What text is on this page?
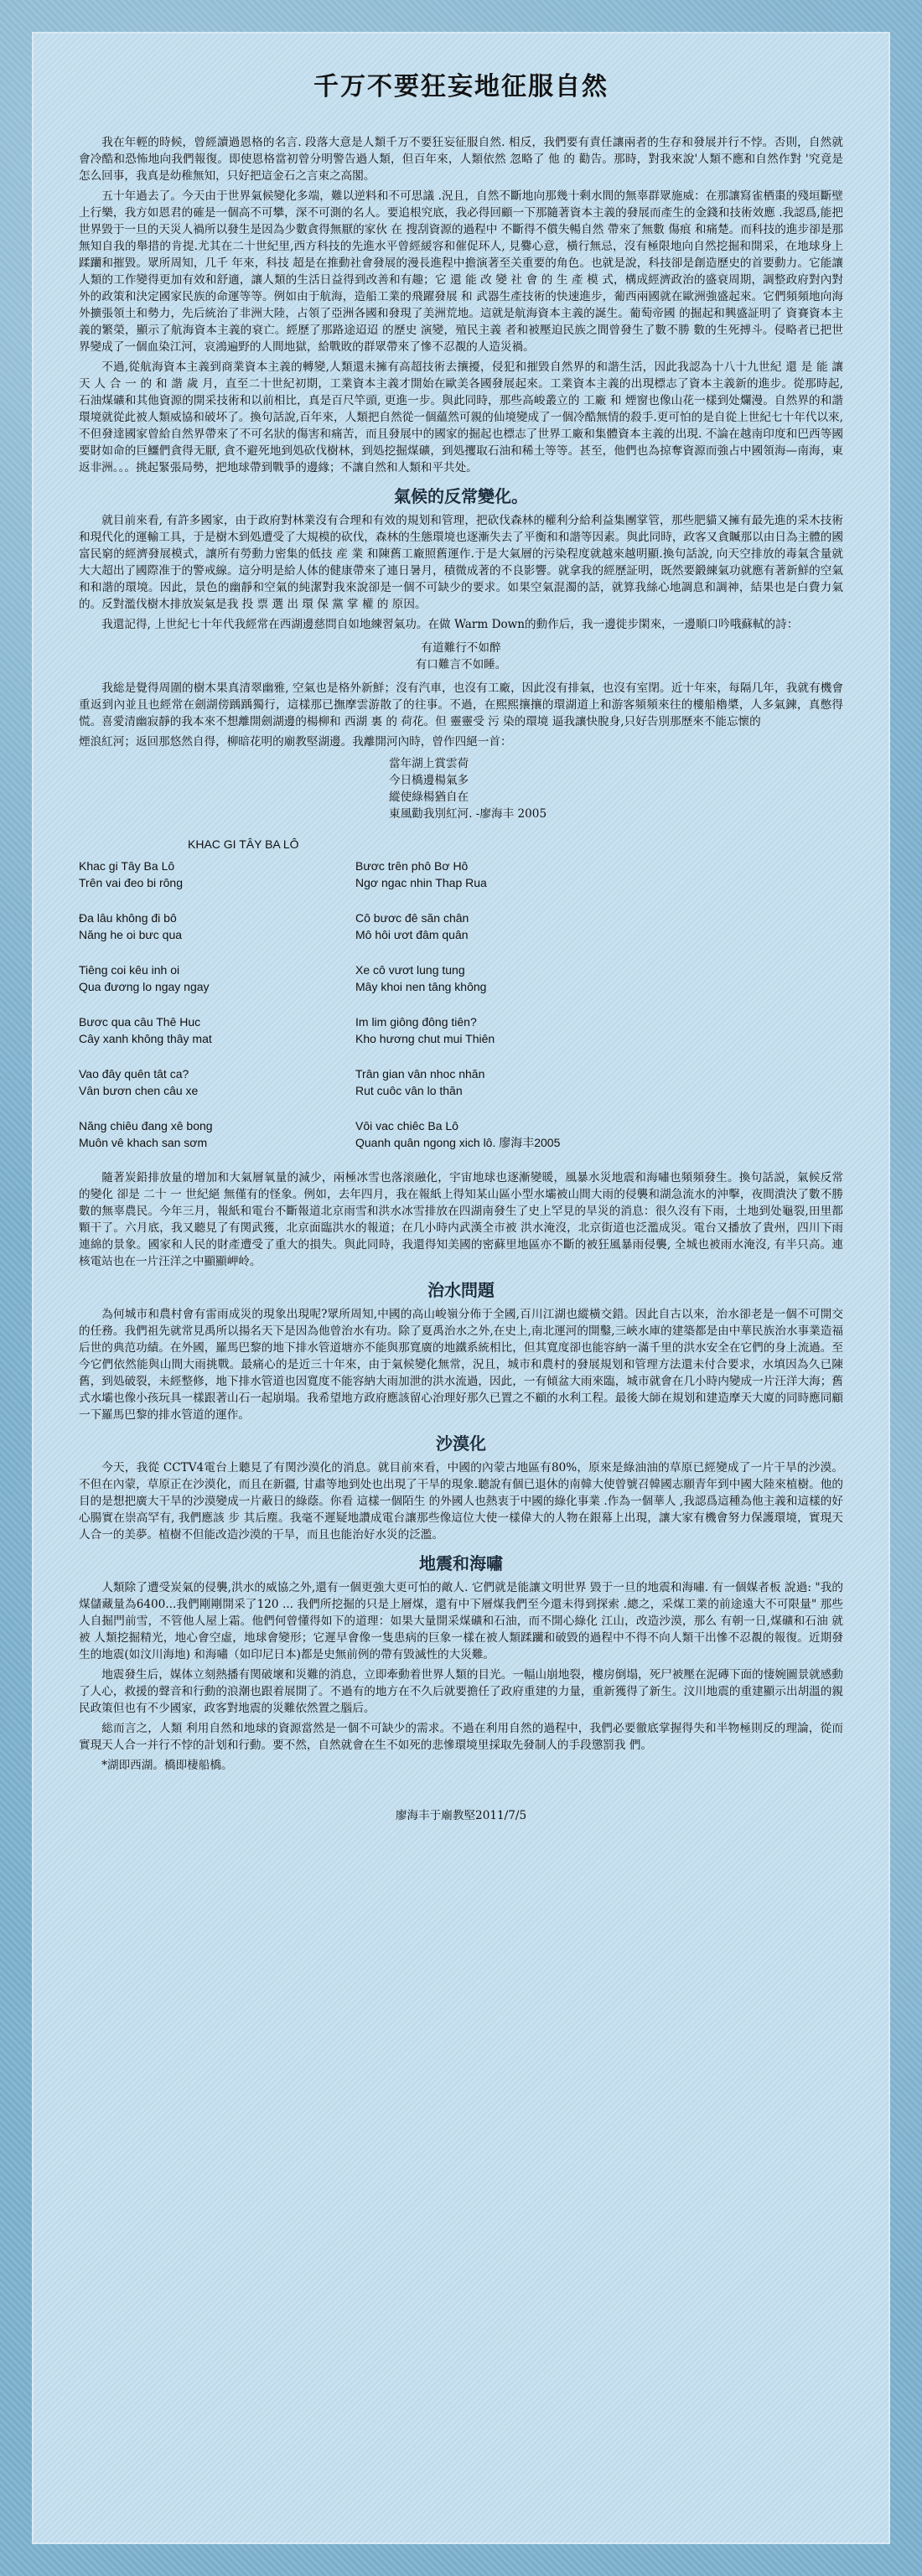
千万不要狂妄地征服自然

我在年輕的時候，曾經讀過恩格的名言. 段落大意是人類千万不要狂妄征服自然. 相反，我們要有責任讓兩者的生存和發展并行不悖。否則，自然就會冷酷和恐怖地向我們報復。即使恩格當初曾分明警告過人類，但百年來，人類依然 忽略了 他 的 勸告。那時，對我來說'人類不應和自然作對 '究竟是怎么回事，我真是幼稚無知，只好把這金石之言束之高閣。

五十年過去了。今天由于世界氣候變化多端，難以逆料和不可思議 .況且，自然不斷地向那幾十剩水間的無辜群眾施威：在那讓寫雀栖棗的殘垣斷壁上行樂，我方如恩君的確是一個高不可攀，深不可測的名人。要追根究底，我必得回顧一下那隨著資本主義的發展而產生的金錢和技術效應 .我認爲,能把世界毀于一旦的天災人禍所以發生是因為少數貪得無厭的家伙 在 搜刮資源的過程中 不斷得不償失暢自然 帶來了無數 傷痕 和痛楚。而科技的進步卻是那無知自我的舉措的肯提.尤其在二十世紀里,西方科技的先進水平曾經緩容和催促环人, 見爨心意，橫行無忌，沒有極限地向自然挖掘和開采，在地球身上蹂躪和摧毀。眾所周知，几千 年來，科技 超是在推動社會發展的漫長進程中擔演著至关重要的角色。也就是說，科技卻是創造歷史的首要動力。它能讓人類的工作變得更加有效和舒適，讓人類的生活日益得到改善和有趣；它 還 能 改 變 社 會 的 生 產 模 式，構成經濟政治的盛衰周期，調整政府對內對外的政策和決定國家民族的命運等等。例如由于航海，造船工業的飛躍發展 和 武器生產技術的快速進步，葡西兩國就在歐洲強盛起來。它們頻頻地向海外擴張領土和勢力，先后統治了非洲大陸，占領了亞洲各國和發現了美洲荒地。這就是航海資本主義的誕生。葡萄帝國 的掘起和興盛証明了 資賽資本主義的繁榮，顯示了航海資本主義的衰亡。經歷了那路途迢迢 的歷史 演變，殖民主義 者和被壓迫民族之間曾發生了數不勝 數的生死搏斗。侵略者已把世界變成了一個血染江河，哀鴻遍野的人間地獄，給戰敗的群眾帶來了慘不忍覩的人造災禍。

不過,從航海資本主義到商業資本主義的轉變,人類還未擁有高超技術去攘擾，侵犯和摧毀自然界的和諧生活，因此我認為十八十九世紀 還 是 能 讓 天 人 合 一 的 和 諧 歲 月，直至二十世紀初期，工業資本主義才開始在歐美各國發展起來。工業資本主義的出現標志了資本主義新的進步。從那時起, 石油煤礦和其他資源的開采技術和以前相比，真是百尺竿頭, 更進一步。與此同時，那些高峻叢立的 工廠 和 煙窗也像山花一樣到处爛漫。自然界的和諧環境就從此被人類威協和破坏了。換句話說,百年來，人類把自然從一個蘊然可親的仙境變成了一個冷酷無情的殺手.更可怕的是自從上世紀七十年代以來,不但發達國家曾給自然界帶來了不可名狀的傷害和痛苦，而且發展中的國家的掘起也標志了世界工廠和集體資本主義的出現. 不論在越南印度和巴西等國要財如命的巨鱷們貪得无厭, 貪不避死地到処砍伐樹林，到処挖掘煤礦，到処攫取石油和稀土等等。甚至，他們也為掠奪資源而強占中國領海—南海，東返非洲。。。挑起緊張局勢，把地球帶到戰爭的邊緣；不讓自然和人類和平共处。

氣候的反常變化。

就目前來看, 有許多國家，由于政府對林業沒有合理和有效的規划和管理，把砍伐森林的權利分給利益集團掌管，那些肥貓又擁有最先進的采木技術和現代化的運輸工具，于是樹木到処遭受了大規模的砍伐，森林的生態環境也逐漸失去了平衡和和諧等因素。與此同時，政客又貪贓那以由日為主體的國富民窮的經濟發展模式，讓所有勞動力密集的低技 産 業 和陳舊工廠照舊運作.于是大氣層的污染程度就越來越明顯.換句話說, 向天空排放的毒氣含量就大大超出了國際准于的警戒線。這分明是給人体的健康帶來了連日暑月，積微成著的不良影響。就拿我的經歷証明，既然要鍛練氣功就應有著新鮮的空氣和和諧的環境。因此，景色的幽靜和空氣的純潔對我來說卻是一個不可缺少的要求。如果空氣混濁的話，就算我絲心地調息和調神，結果也是白費力氣的。反對濫伐樹木排放炭氣是我 投 票 選 出 環 保 黨 掌 權 的 原因。

我還記得, 上世紀七十年代我經常在西湖邊慈問自如地練習氣功。在做 Warm Down的動作后，我一邊徙步閑來，一邊順口吟哦蘇軾的詩：

有道難行不如醉
有口難言不如睡。

我総是覺得周圍的樹木果真清翠幽雅, 空氣也是格外新鮮；沒有汽車，也沒有工廠，因此沒有排氣，也沒有室閉。近十年來，每隔几年，我就有機會重返到內並且也經常在劍湖傍踽踽獨行，這樣那已撫摩雲游散了的往事。不過，在熙熙攘攘的環湖道上和游客頻頻來往的樓船櫓槳，人多氣鍊，真憋得慌。喜愛清幽寂靜的我本來不想離開劍湖邊的楊柳和 西湖 裏 的 荷花。但 靈靈受 污 染的環境 逼我讓快脫身,只好告別那歷來不能忘懷的

煙浪紅河；返回那悠然自得，柳暗花明的廟教堅湖邊。我離開河內時，曾作四絕一首：

當年湖上賞雲荷
今日橋邊楊氣多
縱使綠楊猶自在
東風勸我別紅河. -廖海丰 2005
KHAC GI TÂY BA LÔ
Khac gi Tây Ba Lô	Bươc trên phô Bơ Hô
Trên vai đeo bi rông	Ngơ ngac nhin Thap Rua
Đa lâu không đi bô	Cô bươc đê săn chân
Năng he oi bưc qua	Mô hôi ươt đâm quân
Tiêng coi kêu inh oi	Xe cô vươt lung tung
Qua đương lo ngay ngay	Mây khoi nen tâng không
Bươc qua câu Thê Huc	Im lim giông đông tiên?
Cây xanh không thây mat	Kho hương chut mui Thiên
Vao đây quên tât ca?	Trân gian vân nhoc nhăn
Vân bươn chen câu xe	Rut cuôc vân lo thăn
Năng chiêu đang xê bong	Vôi vac chiêc Ba Lô
Muôn vê khach san sơm	Quanh quân ngong xich lô. 廖海丰2005

隨著炭鉛排放量的增加和大氣層氧量的減少，兩極冰雪也落滚融化，宇宙地球也逐漸變暖，風暴水災地震和海嘯也頻頻發生。換句話説，氣候反常 的變化 卻是 二十 一 世紀絕 無僅有的怪象。例如，去年四月，我在報紙上得知某山區小型水壩被山間大雨的侵襲和湖急流水的沖擊，夜間潰決了數不勝數的無辜農民。今年三月，報紙和電台不斷報道北京雨雪和洪水冰雪排放在四湖南發生了史上罕見的旱災的消息：很久沒有下雨，土地到处龜裂,田里都 顆干了。六月底，我又聽見了有関武獲，北京面臨洪水的報道；在几小時内武漢全市被 洪水淹沒，北京街道也泛濫成災。電台又播放了貴州，四川下雨連綿的景象。國家和人民的財產遭受了重大的損失。與此同時，我還得知美國的密蘇里地區亦不斷的被狂風暴雨侵襲, 全城也被雨水淹沒, 有半只高。連核電站也在一片汪洋之中顯顯岬岭。

治水問題

為何城市和農村會有雷雨成災的現象出現呢?眾所周知,中國的高山峻嶺分佈于全國,百川江湖也縱橫交錯。因此自古以來，治水卻老是一個不可開交的任務。我們祖先就常見禹所以揚名天下是因為他曾治水有功。除了夏禹治水之外,在史上,南北運河的開鑿,三峽水庫的建築都是由中華民族治水事業造福后世的典范功績。在外國，羅馬巴黎的地下排水管道塘亦不能與那寬廣的地鐵系統相比，但其寬度卻也能容納一滿千里的洪水安全在它們的身上流過。至今它們依然能與山間大雨挑戰。最痛心的是近三十年來，由于氣候變化無常，況且，城市和農村的發展規划和管理方法還未付合要求，水填因為久已陳舊，到処破裂，未經整修，地下排水管道也因寬度不能容納大雨加泄的洪水流過，因此，一有傾盆大雨來臨，城市就會在几小時内變成一片汪洋大海；舊式水壩也像小孩玩具一樣跟著山石一起崩塌。我希望地方政府應該留心治理好那久已置之不顧的水利工程。最後大師在規划和建造摩天大廈的同時應同顧一下羅馬巴黎的排水管道的運作。

沙漠化

今天，我從 CCTV4電台上聽見了有関沙漠化的消息。就目前來看，中國的內蒙古地區有80%，原來是綠油油的草原已經變成了一片干旱的沙漠。不但在內蒙，草原正在沙漠化，而且在新疆, 甘肅等地到处也出現了干旱的現象.聽說有個已退休的南韓大使曾號召韓國志願青年到中國大陸來植樹。他的目的是想把廣大干旱的沙漠變成一片蔽日的綠蔭。你看 這樣一個陌生 的外國人也熱衷于中國的綠化事業 .作為一個華人 ,我認爲這種為他主義和這樣的好心腸實在崇高罕有, 我們應該 步 其后塵。我毫不遲疑地讚成電台讓那些像這位大使一樣偉大的人物在銀幕上出現，讓大家有機會努力保護環境，實現天人合一的美夢。植樹不但能改造沙漠的干旱，而且也能治好水災的泛濫。

地震和海嘯

人類除了遭受炭氣的侵襲,洪水的威協之外,還有一個更強大更可怕的敵人. 它們就是能讓文明世界 毀于一旦的地震和海嘯. 有一個媒者板 說過: "我的煤儲藏量為6400...我們剛剛開采了120 ... 我們所挖掘的只是上層煤，還有中下層煤我們至今還未得到探索 .總之，采煤工業的前途遠大不可限量" 那些人自掘門前雪，不管他人屋上霜。他們何曾懂得如下的道理：如果大量開采煤礦和石油，而不開心綠化 江山，改造沙漠，那么 有朝一日,煤礦和石油 就被 人類挖掘精光，地心會空虛，地球會變形；它遲早會像一隻患病的巨象一樣在被人類蹂躪和破毀的過程中不得不向人類干出慘不忍覩的報復。近期發生的地震(如汶川海地) 和海嘯（如印尼日本)都是史無前例的帶有毀滅性的大災難。

地震發生后，媒体立刻熱播有関破壞和災難的消息，立即牽動着世界人類的目光。一幅山崩地裂，樓房倒塌，死尸被壓在泥磚下面的悽婉圖景就感動了人心，救援的聲音和行動的浪潮也跟着展開了。不過有的地方在不久后就要擔任了政府重建的力量，重新獲得了新生。汶川地震的重建顯示出胡溫的親民政策但也有不少國家，政客對地震的災難依然置之腦后。

総而言之，人類 利用自然和地球的資源當然是一個不可缺少的需求。不過在利用自然的過程中，我們必要徹底掌握得失和半物極則反的理論，從而實現天人合一并行不悖的計划和行動。要不然，自然就會在生不如死的悲慘環境里採取先發制人的手段懲罰我 們。

*湖即西湖。橋即棲船橋。

廖海丰于廟教堅2011/7/5
